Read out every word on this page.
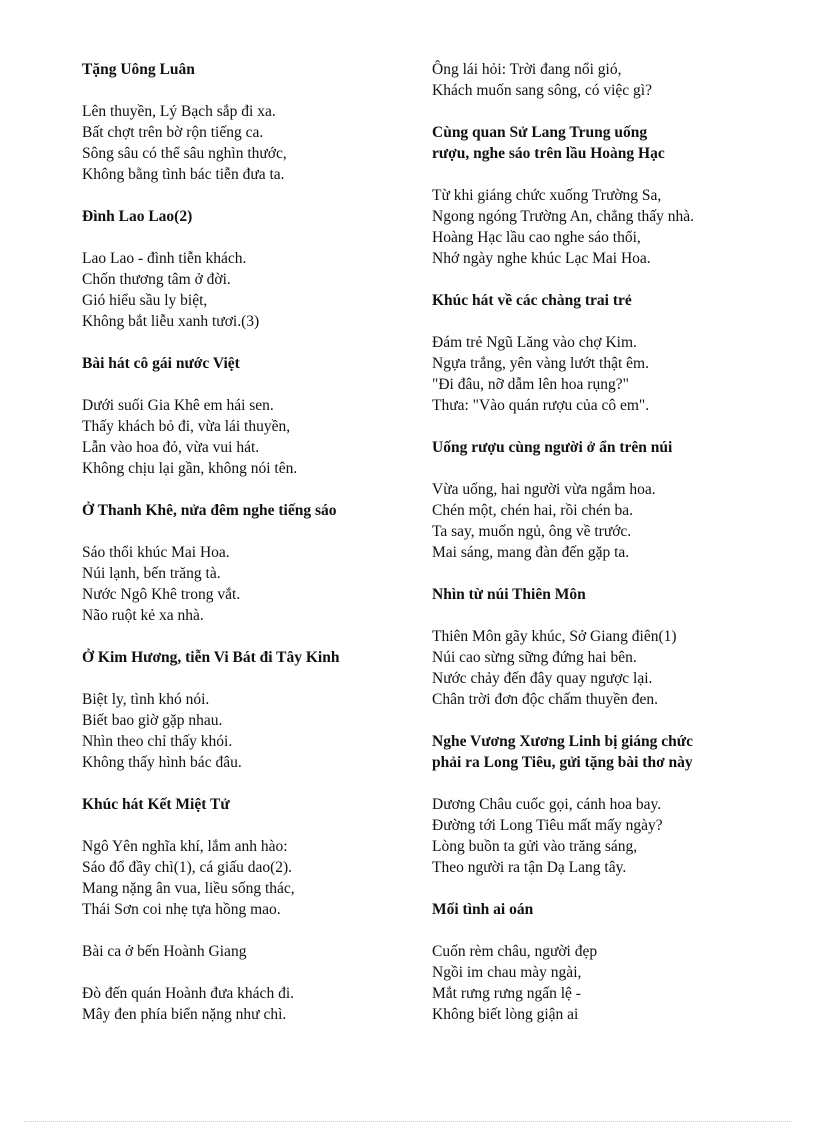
Tặng Uông Luân
Lên thuyền, Lý Bạch sắp đi xa.
Bất chợt trên bờ rộn tiếng ca.
Sông sâu có thể sâu nghìn thước,
Không bằng tình bác tiễn đưa ta.
Đình Lao Lao(2)
Lao Lao - đình tiễn khách.
Chốn thương tâm ở đời.
Gió hiểu sầu ly biệt,
Không bắt liễu xanh tươi.(3)
Bài hát cô gái nước Việt
Dưới suối Gia Khê em hái sen.
Thấy khách bỏ đi, vừa lái thuyền,
Lẫn vào hoa đỏ, vừa vui hát.
Không chịu lại gần, không nói tên.
Ở Thanh Khê, nửa đêm nghe tiếng sáo
Sáo thổi khúc Mai Hoa.
Núi lạnh, bến trăng tà.
Nước Ngô Khê trong vắt.
Não ruột kẻ xa nhà.
Ở Kim Hương, tiễn Vi Bát đi Tây Kinh
Biệt ly, tình khó nói.
Biết bao giờ gặp nhau.
Nhìn theo chỉ thấy khói.
Không thấy hình bác đâu.
Khúc hát Kết Miệt Tử
Ngô Yên nghĩa khí, lắm anh hào:
Sáo đổ đầy chì(1), cá giấu dao(2).
Mang nặng ân vua, liều sống thác,
Thái Sơn coi nhẹ tựa hồng mao.
Bài ca ở bến Hoành Giang
Đò đến quán Hoành đưa khách đi.
Mây đen phía biển nặng như chì.
Ông lái hỏi: Trời đang nổi gió,
Khách muốn sang sông, có việc gì?
Cùng quan Sử Lang Trung uống
rượu, nghe sáo trên lầu Hoàng Hạc
Từ khi giáng chức xuống Trường Sa,
Ngong ngóng Trường An, chẳng thấy nhà.
Hoàng Hạc lầu cao nghe sáo thổi,
Nhớ ngày nghe khúc Lạc Mai Hoa.
Khúc hát về các chàng trai trẻ
Đám trẻ Ngũ Lăng vào chợ Kim.
Ngựa trắng, yên vàng lướt thật êm.
"Đi đâu, nỡ dẫm lên hoa rụng?"
Thưa: "Vào quán rượu của cô em".
Uống rượu cùng người ở ẩn trên núi
Vừa uống, hai người vừa ngắm hoa.
Chén một, chén hai, rồi chén ba.
Ta say, muốn ngủ, ông về trước.
Mai sáng, mang đàn đến gặp ta.
Nhìn từ núi Thiên Môn
Thiên Môn gãy khúc, Sở Giang điên(1)
Núi cao sừng sững đứng hai bên.
Nước chảy đến đây quay ngược lại.
Chân trời đơn độc chấm thuyền đen.
Nghe Vương Xương Linh bị giáng chức
phải ra Long Tiêu, gửi tặng bài thơ này
Dương Châu cuốc gọi, cánh hoa bay.
Đường tới Long Tiêu mất mấy ngày?
Lòng buồn ta gửi vào trăng sáng,
Theo người ra tận Dạ Lang tây.
Mối tình ai oán
Cuốn rèm châu, người đẹp
Ngồi im chau mày ngài,
Mắt rưng rưng ngấn lệ -
Không biết lòng giận ai
